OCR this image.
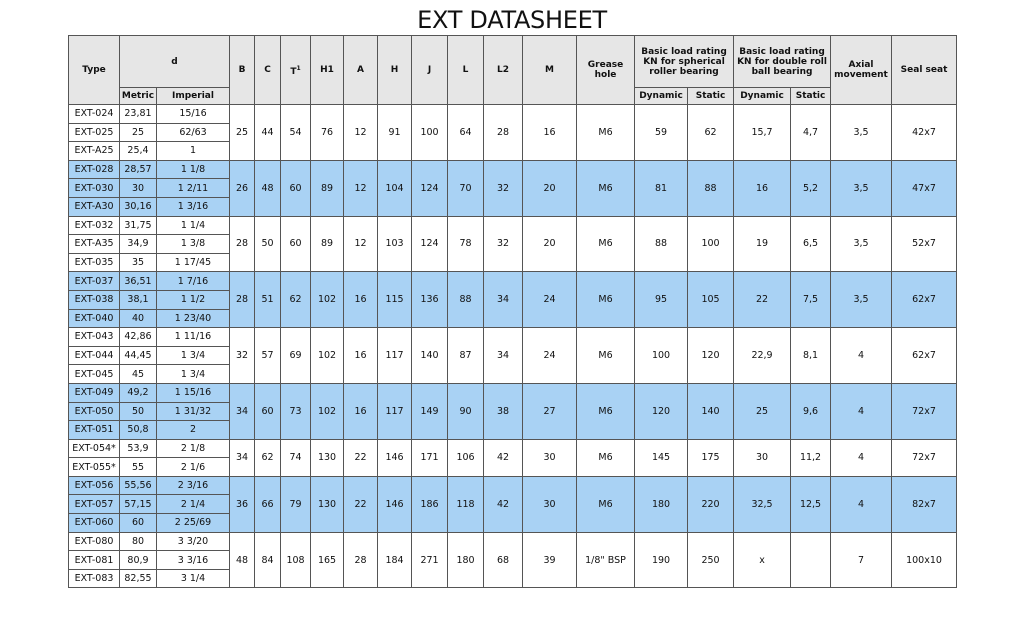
EXT DATASHEET
Type	d		B	C	$T^1$	H1	A	H	J	L	L2	M	Grease hole	Basic load rating KN for spherical roller bearing		Basic load rating KN for double roll ball bearing		Axial movement	Seal seat
	Metric	Imperial												Dynamic	Static	Dynamic	Static		
EXT-024	23,81	15/16	25	44	54	76	12	91	100	64	28	16	M6	59	62	15,7	4,7	3,5	42x7
EXT-025	25	62/63																	
EXT-A25	25,4	1																	
EXT-028	28,57	1 1/8	26	48	60	89	12	104	124	70	32	20	M6	81	88	16	5,2	3,5	47x7
EXT-030	30	1 2/11																	
EXT-A30	30,16	1 3/16																	
EXT-032	31,75	1 1/4	28	50	60	89	12	103	124	78	32	20	M6	88	100	19	6,5	3,5	52x7
EXT-A35	34,9	1 3/8																	
EXT-035	35	1 17/45																	
EXT-037	36,51	1 7/16	28	51	62	102	16	115	136	88	34	24	M6	95	105	22	7,5	3,5	62x7
EXT-038	38,1	1 1/2																	
EXT-040	40	1 23/40																	
EXT-043	42,86	1 11/16	32	57	69	102	16	117	140	87	34	24	M6	100	120	22,9	8,1	4	62x7
EXT-044	44,45	1 3/4																	
EXT-045	45	1 3/4																	
EXT-049	49,2	1 15/16	34	60	73	102	16	117	149	90	38	27	M6	120	140	25	9,6	4	72x7
EXT-050	50	1 31/32																	
EXT-051	50,8	2																	
EXT-054*	53,9	2 1/8	34	62	74	130	22	146	171	106	42	30	M6	145	175	30	11,2	4	72x7
EXT-055*	55	2 1/6																	
EXT-056	55,56	2 3/16	36	66	79	130	22	146	186	118	42	30	M6	180	220	32,5	12,5	4	82x7
EXT-057	57,15	2 1/4																	
EXT-060	60	2 25/69																	
EXT-080	80	3 3/20	48	84	108	165	28	184	271	180	68	39	1/8" BSP	190	250	x		7	100x10
EXT-081	80,9	3 3/16																	
EXT-083	82,55	3 1/4																	
